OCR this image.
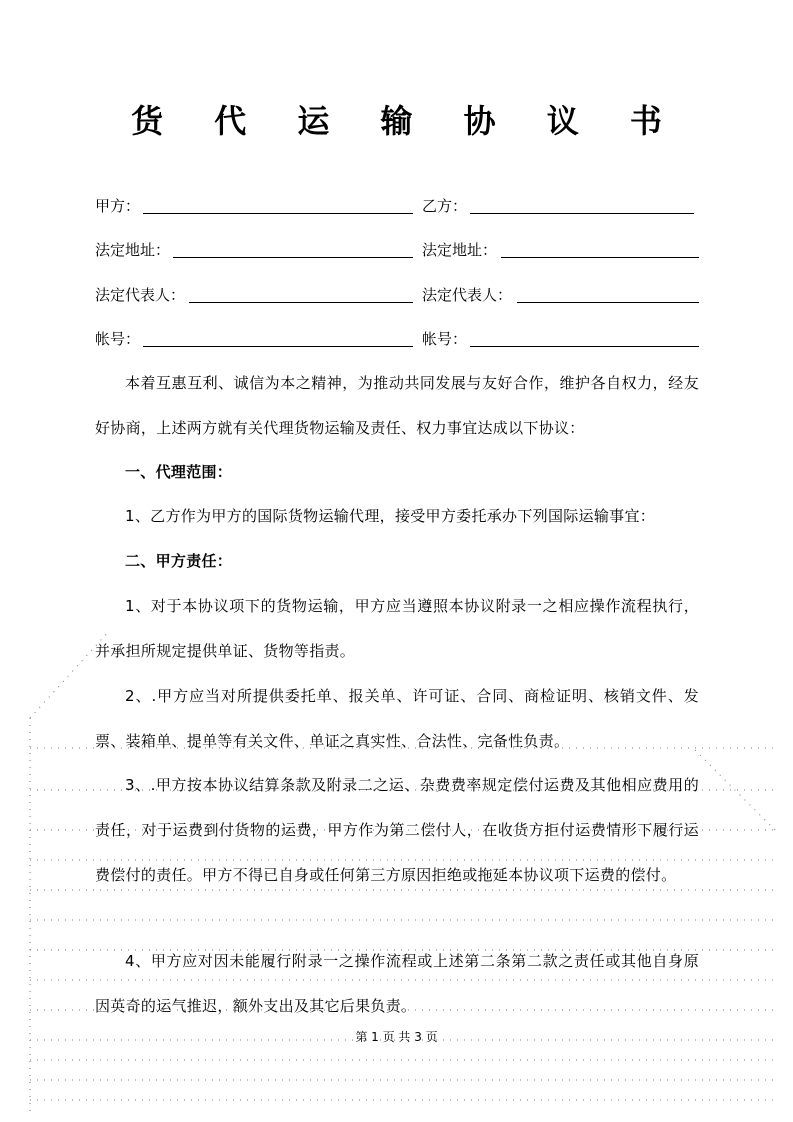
货 代 运 输 协 议 书
甲方：	乙方：
法定地址：	法定地址：
法定代表人：	法定代表人：
帐号：	帐号：
本着互惠互利、诚信为本之精神，为推动共同发展与友好合作，维护各自权力，经友好协商，上述两方就有关代理货物运输及责任、权力事宜达成以下协议：
一、代理范围：
1、乙方作为甲方的国际货物运输代理，接受甲方委托承办下列国际运输事宜：
二、甲方责任：
1、对于本协议项下的货物运输，甲方应当遵照本协议附录一之相应操作流程执行，并承担所规定提供单证、货物等指责。
2、.甲方应当对所提供委托单、报关单、许可证、合同、商检证明、核销文件、发票、装箱单、提单等有关文件、单证之真实性、合法性、完备性负责。
3、.甲方按本协议结算条款及附录二之运、杂费费率规定偿付运费及其他相应费用的责任，对于运费到付货物的运费，甲方作为第二偿付人，在收货方拒付运费情形下履行运费偿付的责任。甲方不得已自身或任何第三方原因拒绝或拖延本协议项下运费的偿付。
4、甲方应对因未能履行附录一之操作流程或上述第二条第二款之责任或其他自身原因英奇的运气推迟，额外支出及其它后果负责。
第 1 页 共 3 页
